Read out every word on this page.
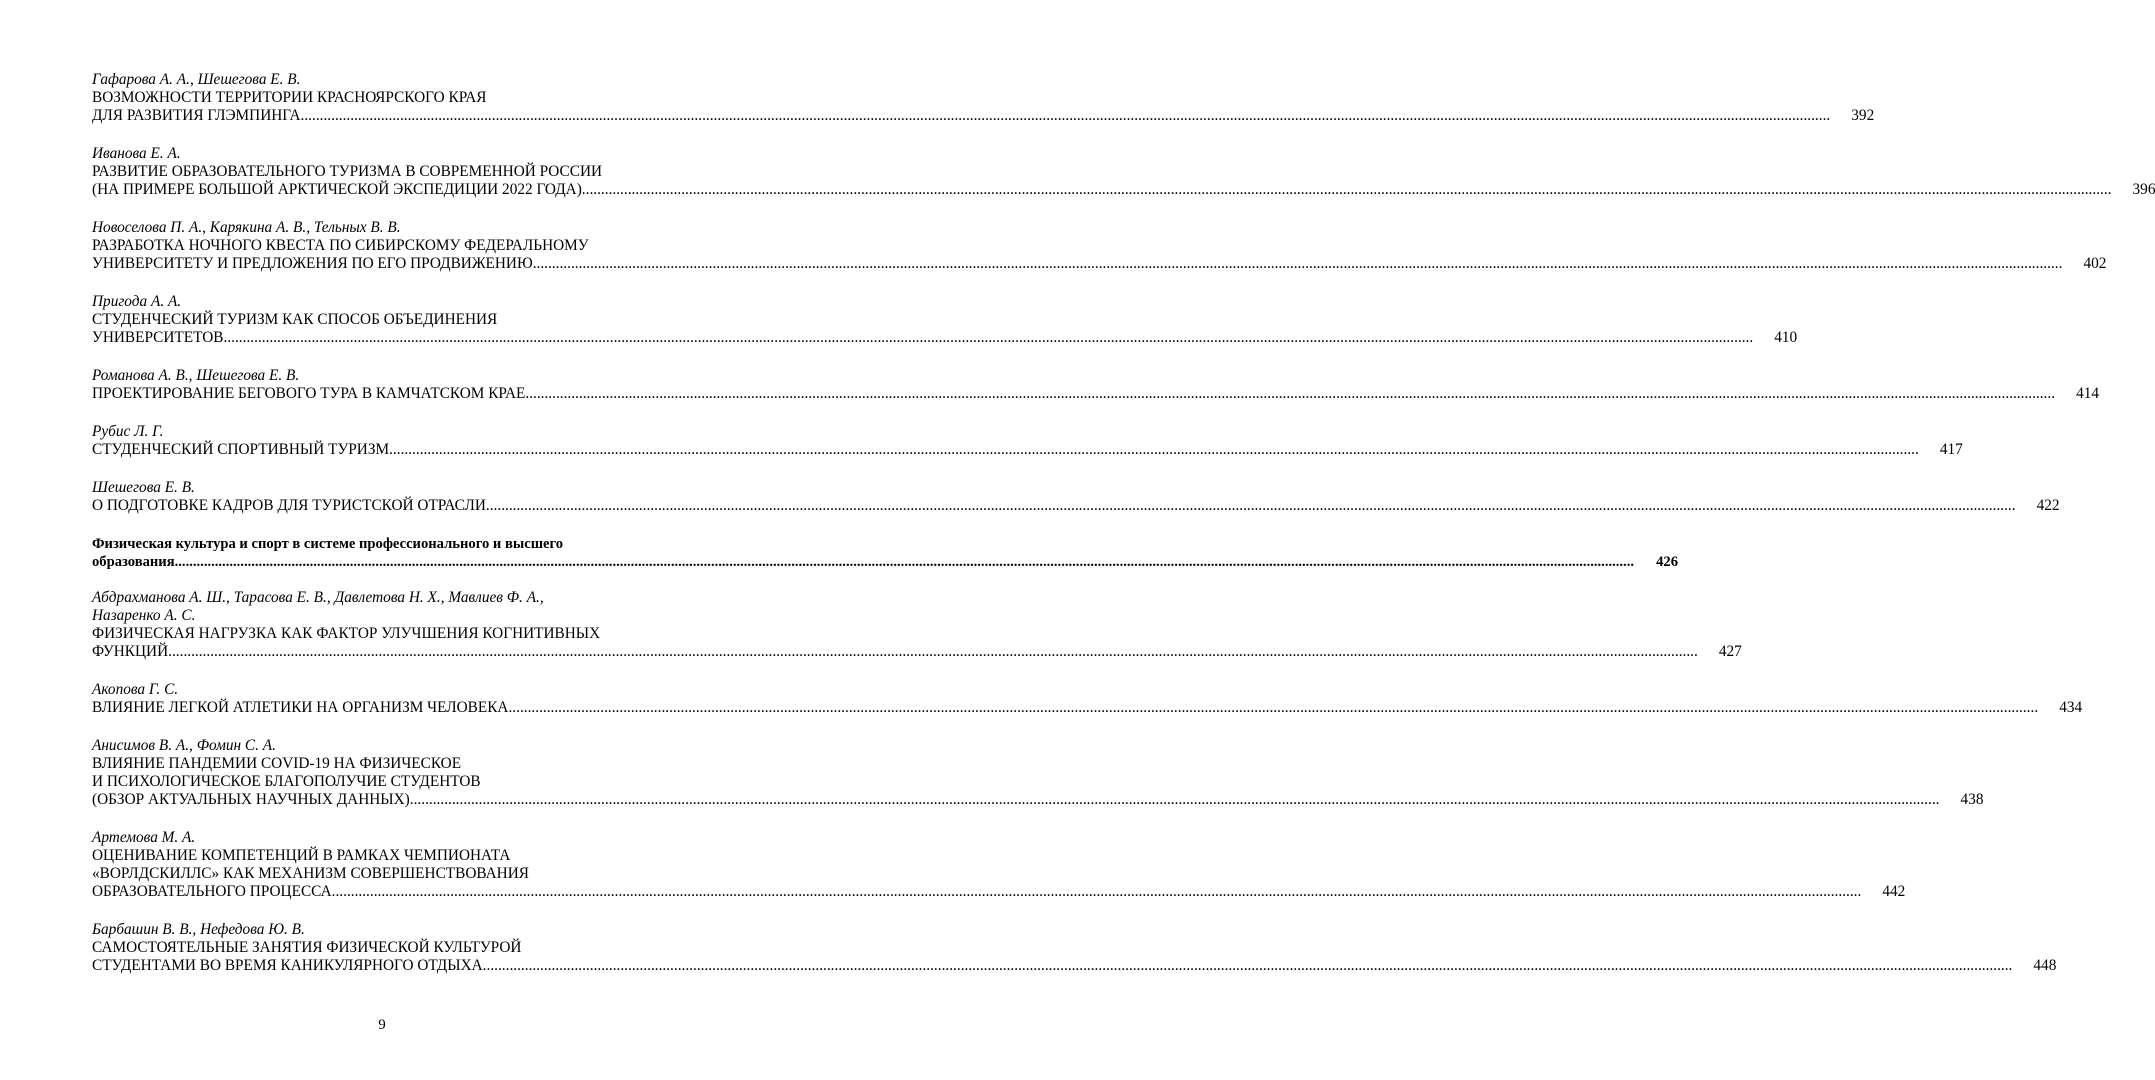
Гафарова А. А., Шешегова Е. В.
ВОЗМОЖНОСТИ ТЕРРИТОРИИ КРАСНОЯРСКОГО КРАЯ
ДЛЯ РАЗВИТИЯ ГЛЭМПИНГА ................................................................................................................................................................................................................................................................................................................................................................................................................	392
Иванова Е. А.
РАЗВИТИЕ ОБРАЗОВАТЕЛЬНОГО ТУРИЗМА В СОВРЕМЕННОЙ РОССИИ
(НА ПРИМЕРЕ БОЛЬШОЙ АРКТИЧЕСКОЙ ЭКСПЕДИЦИИ 2022 ГОДА) ................................................................................................................................................................................................................................................................................................................................................................................................................	396
Новоселова П. А., Карякина А. В., Тельных В. В.
РАЗРАБОТКА НОЧНОГО КВЕСТА ПО СИБИРСКОМУ ФЕДЕРАЛЬНОМУ
УНИВЕРСИТЕТУ И ПРЕДЛОЖЕНИЯ ПО ЕГО ПРОДВИЖЕНИЮ ................................................................................................................................................................................................................................................................................................................................................................................................................	402
Пригода А. А.
СТУДЕНЧЕСКИЙ ТУРИЗМ КАК СПОСОБ ОБЪЕДИНЕНИЯ
УНИВЕРСИТЕТОВ ................................................................................................................................................................................................................................................................................................................................................................................................................	410
Романова А. В., Шешегова Е. В.
ПРОЕКТИРОВАНИЕ БЕГОВОГО ТУРА В КАМЧАТСКОМ КРАЕ ................................................................................................................................................................................................................................................................................................................................................................................................................	414
Рубис Л. Г.
СТУДЕНЧЕСКИЙ СПОРТИВНЫЙ ТУРИЗМ ................................................................................................................................................................................................................................................................................................................................................................................................................	417
Шешегова Е. В.
О ПОДГОТОВКЕ КАДРОВ ДЛЯ ТУРИСТСКОЙ ОТРАСЛИ ................................................................................................................................................................................................................................................................................................................................................................................................................	422
Физическая культура и спорт в системе профессионального и высшего
образования ................................................................................................................................................................................................................................................................................................................................................................................................................	426
Абдрахманова А. Ш., Тарасова Е. В., Давлетова Н. Х., Мавлиев Ф. А.,
Назаренко А. С.
ФИЗИЧЕСКАЯ НАГРУЗКА КАК ФАКТОР УЛУЧШЕНИЯ КОГНИТИВНЫХ
ФУНКЦИЙ ................................................................................................................................................................................................................................................................................................................................................................................................................	427
Акопова Г. С.
ВЛИЯНИЕ ЛЕГКОЙ АТЛЕТИКИ НА ОРГАНИЗМ ЧЕЛОВЕКА ................................................................................................................................................................................................................................................................................................................................................................................................................	434
Анисимов В. А., Фомин С. А.
ВЛИЯНИЕ ПАНДЕМИИ COVID-19 НА ФИЗИЧЕСКОЕ
И ПСИХОЛОГИЧЕСКОЕ БЛАГОПОЛУЧИЕ СТУДЕНТОВ
(ОБЗОР АКТУАЛЬНЫХ НАУЧНЫХ ДАННЫХ) ................................................................................................................................................................................................................................................................................................................................................................................................................	438
Артемова М. А.
ОЦЕНИВАНИЕ КОМПЕТЕНЦИЙ В РАМКАХ ЧЕМПИОНАТА
«ВОРЛДСКИЛЛС» КАК МЕХАНИЗМ СОВЕРШЕНСТВОВАНИЯ
ОБРАЗОВАТЕЛЬНОГО ПРОЦЕССА ................................................................................................................................................................................................................................................................................................................................................................................................................	442
Барбашин В. В., Нефедова Ю. В.
САМОСТОЯТЕЛЬНЫЕ ЗАНЯТИЯ ФИЗИЧЕСКОЙ КУЛЬТУРОЙ
СТУДЕНТАМИ ВО ВРЕМЯ КАНИКУЛЯРНОГО ОТДЫХА ................................................................................................................................................................................................................................................................................................................................................................................................................	448
9
